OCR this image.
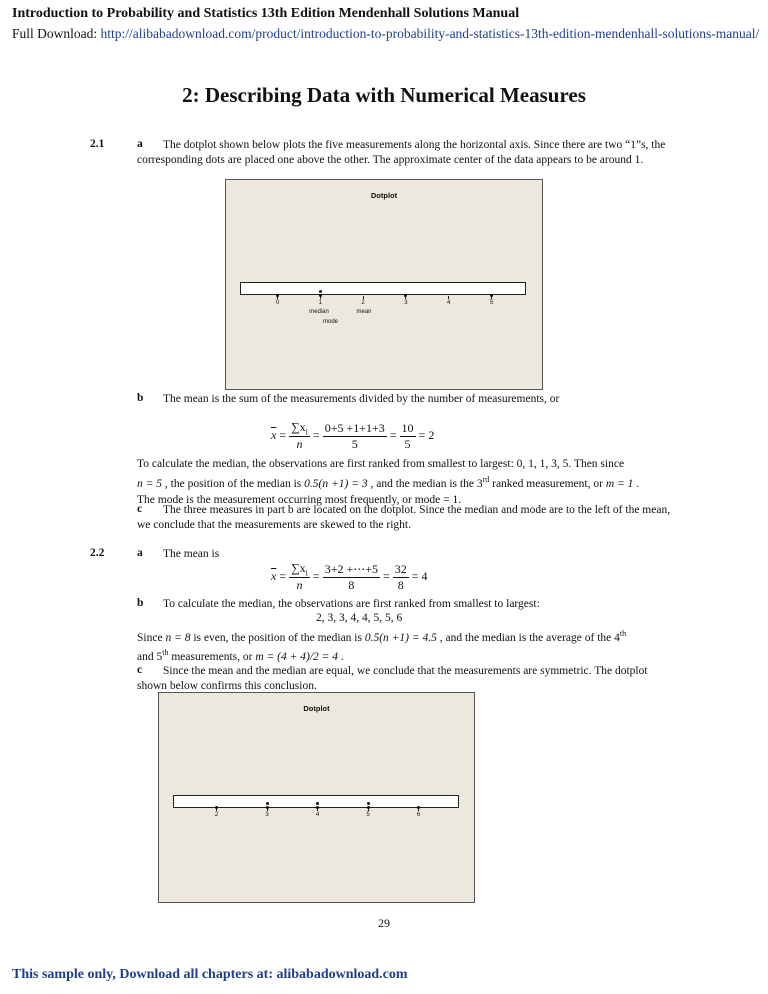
Introduction to Probability and Statistics 13th Edition Mendenhall Solutions Manual
Full Download: http://alibabadownload.com/product/introduction-to-probability-and-statistics-13th-edition-mendenhall-solutions-manual/
2: Describing Data with Numerical Measures
2.1	a	The dotplot shown below plots the five measurements along the horizontal axis. Since there are two “1”s, the corresponding dots are placed one above the other. The approximate center of the data appears to be around 1.
Dotplot
median
mode
mean
0	1	2	3	4	5
b The mean is the sum of the measurements divided by the number of measurements, or
$\overline{x} = \frac{\sum x_i}{n} = \frac{0+5 +1+1+3}{5} = \frac{10}{5} = 2$
To calculate the median, the observations are first ranked from smallest to largest: 0, 1, 1, 3, 5. Then since
n = 5 , the position of the median is 0.5(n +1) = 3 , and the median is the 3rd ranked measurement, or m = 1 .
The mode is the measurement occurring most frequently, or mode = 1.
c	The three measures in part b are located on the dotplot. Since the median and mode are to the left of the mean, we conclude that the measurements are skewed to the right.
2.2	a The mean is
$\overline{x} = \frac{\sum x_i}{n} = \frac{3+2 +\cdots+5}{8} = \frac{32}{8} = 4$
b To calculate the median, the observations are first ranked from smallest to largest:
2, 3, 3, 4, 4, 5, 5, 6
Since n = 8 is even, the position of the median is 0.5(n +1) = 4.5 , and the median is the average of the 4th
and 5th measurements, or m = (4 + 4)/2 = 4 .
c	Since the mean and the median are equal, we conclude that the measurements are symmetric. The dotplot shown below confirms this conclusion.
Dotplot
2	3	4	5	6
29
This sample only, Download all chapters at: alibabadownload.com
